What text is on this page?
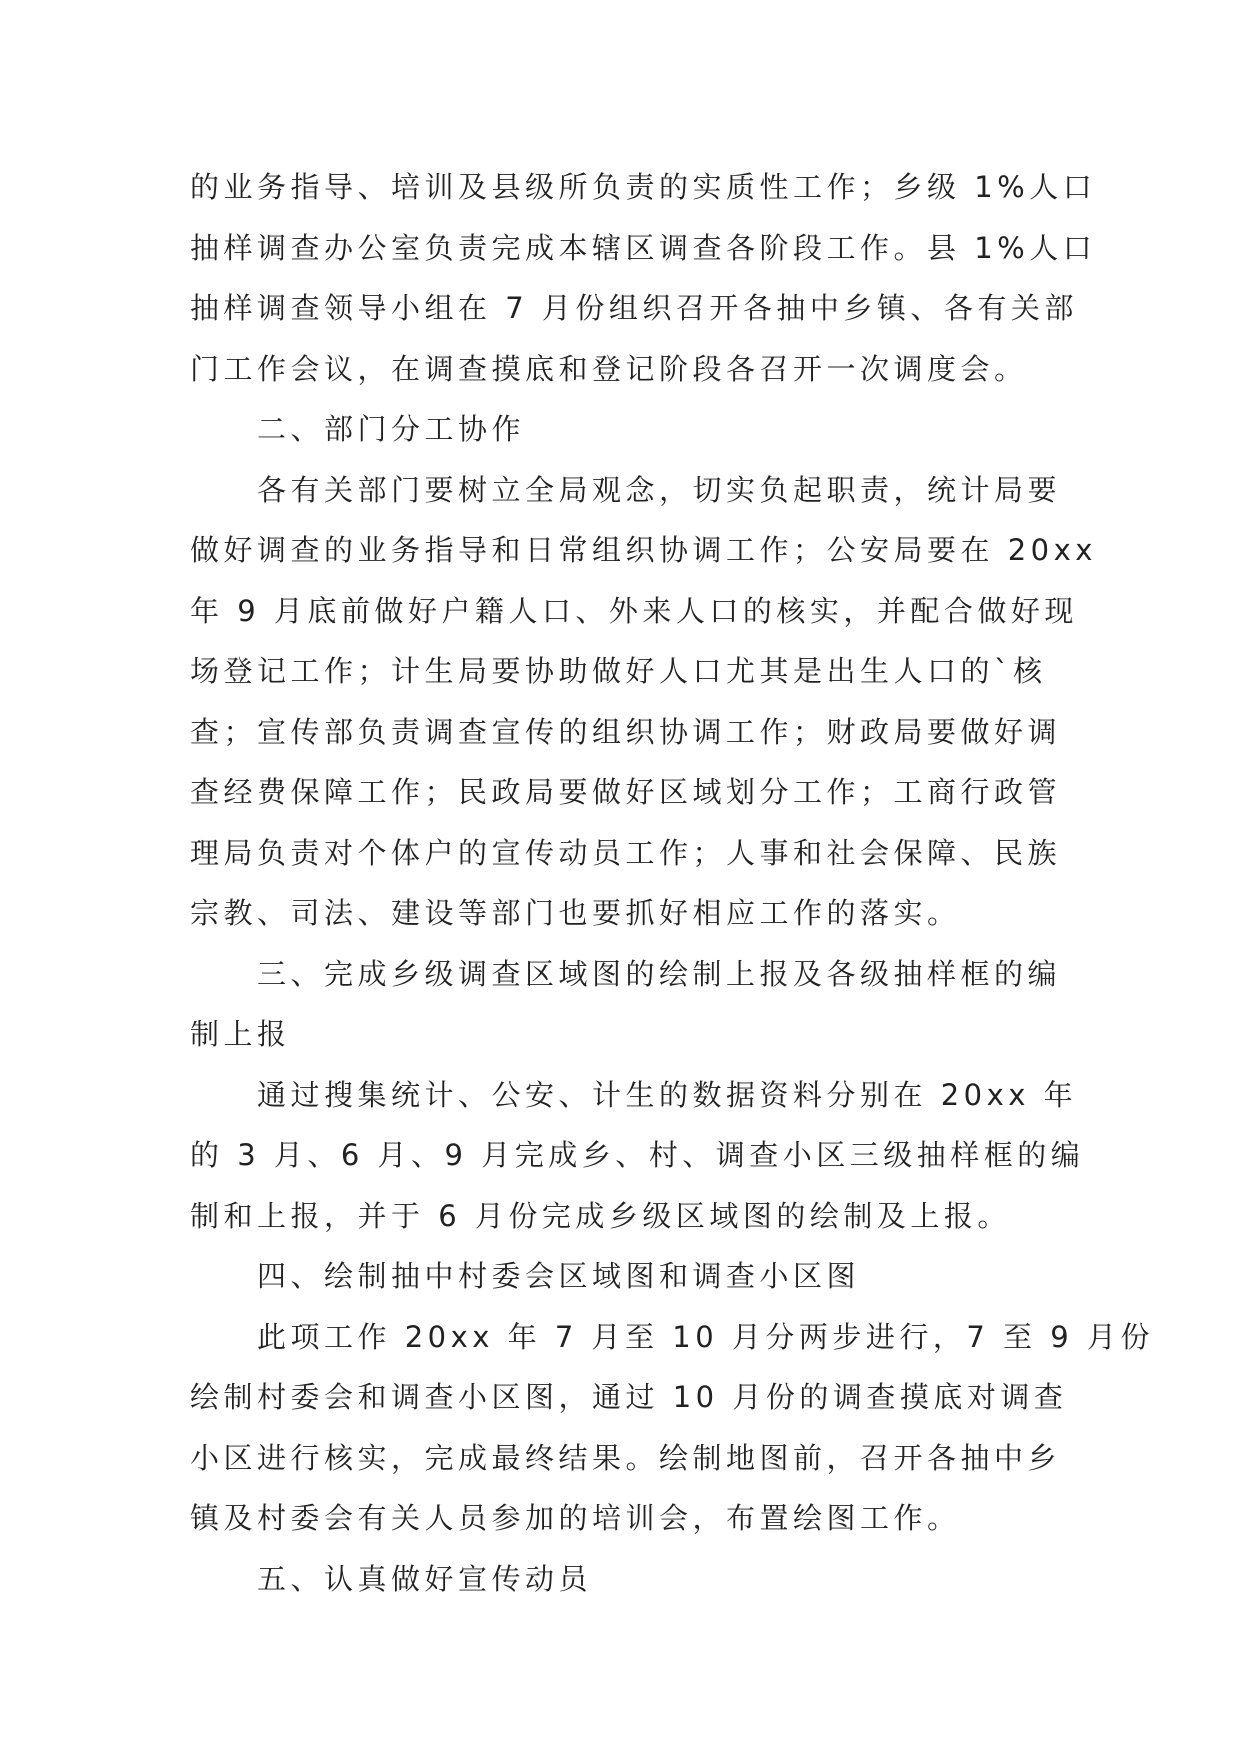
的业务指导、培训及县级所负责的实质性工作；乡级 1%人口
抽样调查办公室负责完成本辖区调查各阶段工作。县 1%人口
抽样调查领导小组在 7 月份组织召开各抽中乡镇、各有关部
门工作会议，在调查摸底和登记阶段各召开一次调度会。
二、部门分工协作
各有关部门要树立全局观念，切实负起职责，统计局要
做好调查的业务指导和日常组织协调工作；公安局要在 20xx
年 9 月底前做好户籍人口、外来人口的核实，并配合做好现
场登记工作；计生局要协助做好人口尤其是出生人口的`核
查；宣传部负责调查宣传的组织协调工作；财政局要做好调
查经费保障工作；民政局要做好区域划分工作；工商行政管
理局负责对个体户的宣传动员工作；人事和社会保障、民族
宗教、司法、建设等部门也要抓好相应工作的落实。
三、完成乡级调查区域图的绘制上报及各级抽样框的编
制上报
通过搜集统计、公安、计生的数据资料分别在 20xx 年
的 3 月、6 月、9 月完成乡、村、调查小区三级抽样框的编
制和上报，并于 6 月份完成乡级区域图的绘制及上报。
四、绘制抽中村委会区域图和调查小区图
此项工作 20xx 年 7 月至 10 月分两步进行，7 至 9 月份
绘制村委会和调查小区图，通过 10 月份的调查摸底对调查
小区进行核实，完成最终结果。绘制地图前，召开各抽中乡
镇及村委会有关人员参加的培训会，布置绘图工作。
五、认真做好宣传动员
